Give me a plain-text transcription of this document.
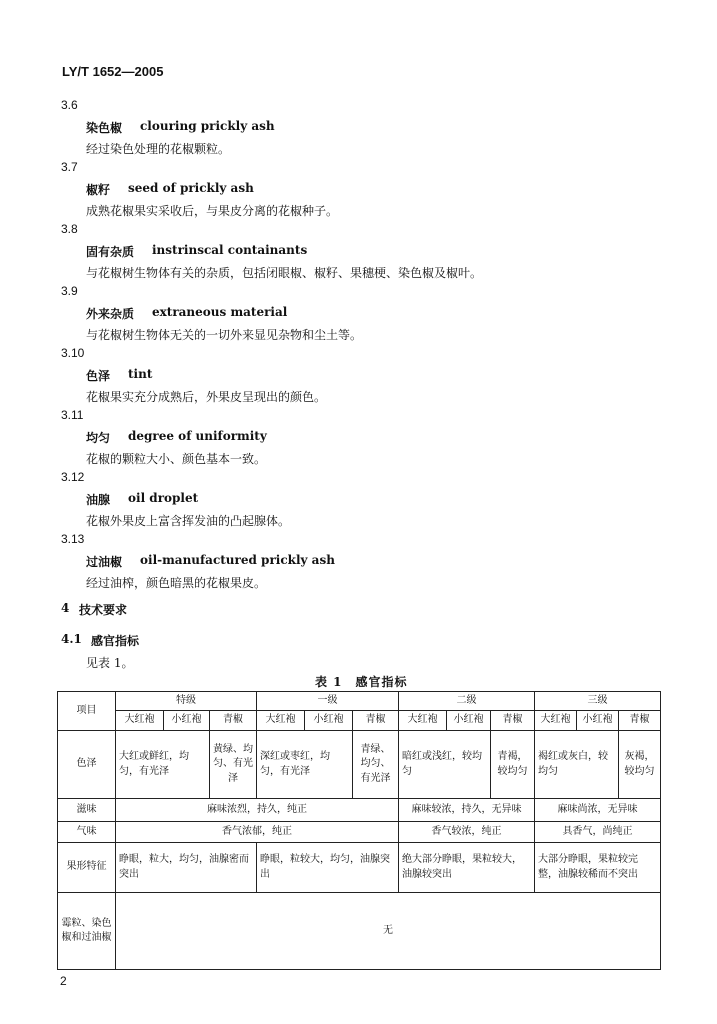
LY/T 1652—2005
3.6
染色椒 clouring prickly ash
经过染色处理的花椒颗粒。
3.7
椒籽 seed of prickly ash
成熟花椒果实采收后，与果皮分离的花椒种子。
3.8
固有杂质 instrinscal containants
与花椒树生物体有关的杂质，包括闭眼椒、椒籽、果穗梗、染色椒及椒叶。
3.9
外来杂质 extraneous material
与花椒树生物体无关的一切外来显见杂物和尘土等。
3.10
色泽 tint
花椒果实充分成熟后，外果皮呈现出的颜色。
3.11
均匀 degree of uniformity
花椒的颗粒大小、颜色基本一致。
3.12
油腺 oil droplet
花椒外果皮上富含挥发油的凸起腺体。
3.13
过油椒 oil-manufactured prickly ash
经过油榨，颜色暗黑的花椒果皮。
4 技术要求
4.1 感官指标
见表 1。
表 1　感官指标
项目	特级			一级			二级			三级		
	大红袍	小红袍	青椒	大红袍	小红袍	青椒	大红袍	小红袍	青椒	大红袍	小红袍	青椒
色泽	大红或鲜红，均匀，有光泽		黄绿、均匀、有光泽	深红或枣红，均匀，有光泽		青绿、均匀、有光泽	暗红或浅红，较均匀		青褐，较均匀	褐红或灰白，较均匀		灰褐，较均匀
滋味	麻味浓烈，持久，纯正						麻味较浓，持久，无异味			麻味尚浓，无异味		
气味	香气浓郁，纯正						香气较浓，纯正			具香气，尚纯正		
果形特征	睁眼，粒大，均匀，油腺密而突出			睁眼，粒较大，均匀，油腺突出			绝大部分睁眼，果粒较大，油腺较突出			大部分睁眼，果粒较完整，油腺较稀而不突出		
霉粒、染色椒和过油椒	无											
2
